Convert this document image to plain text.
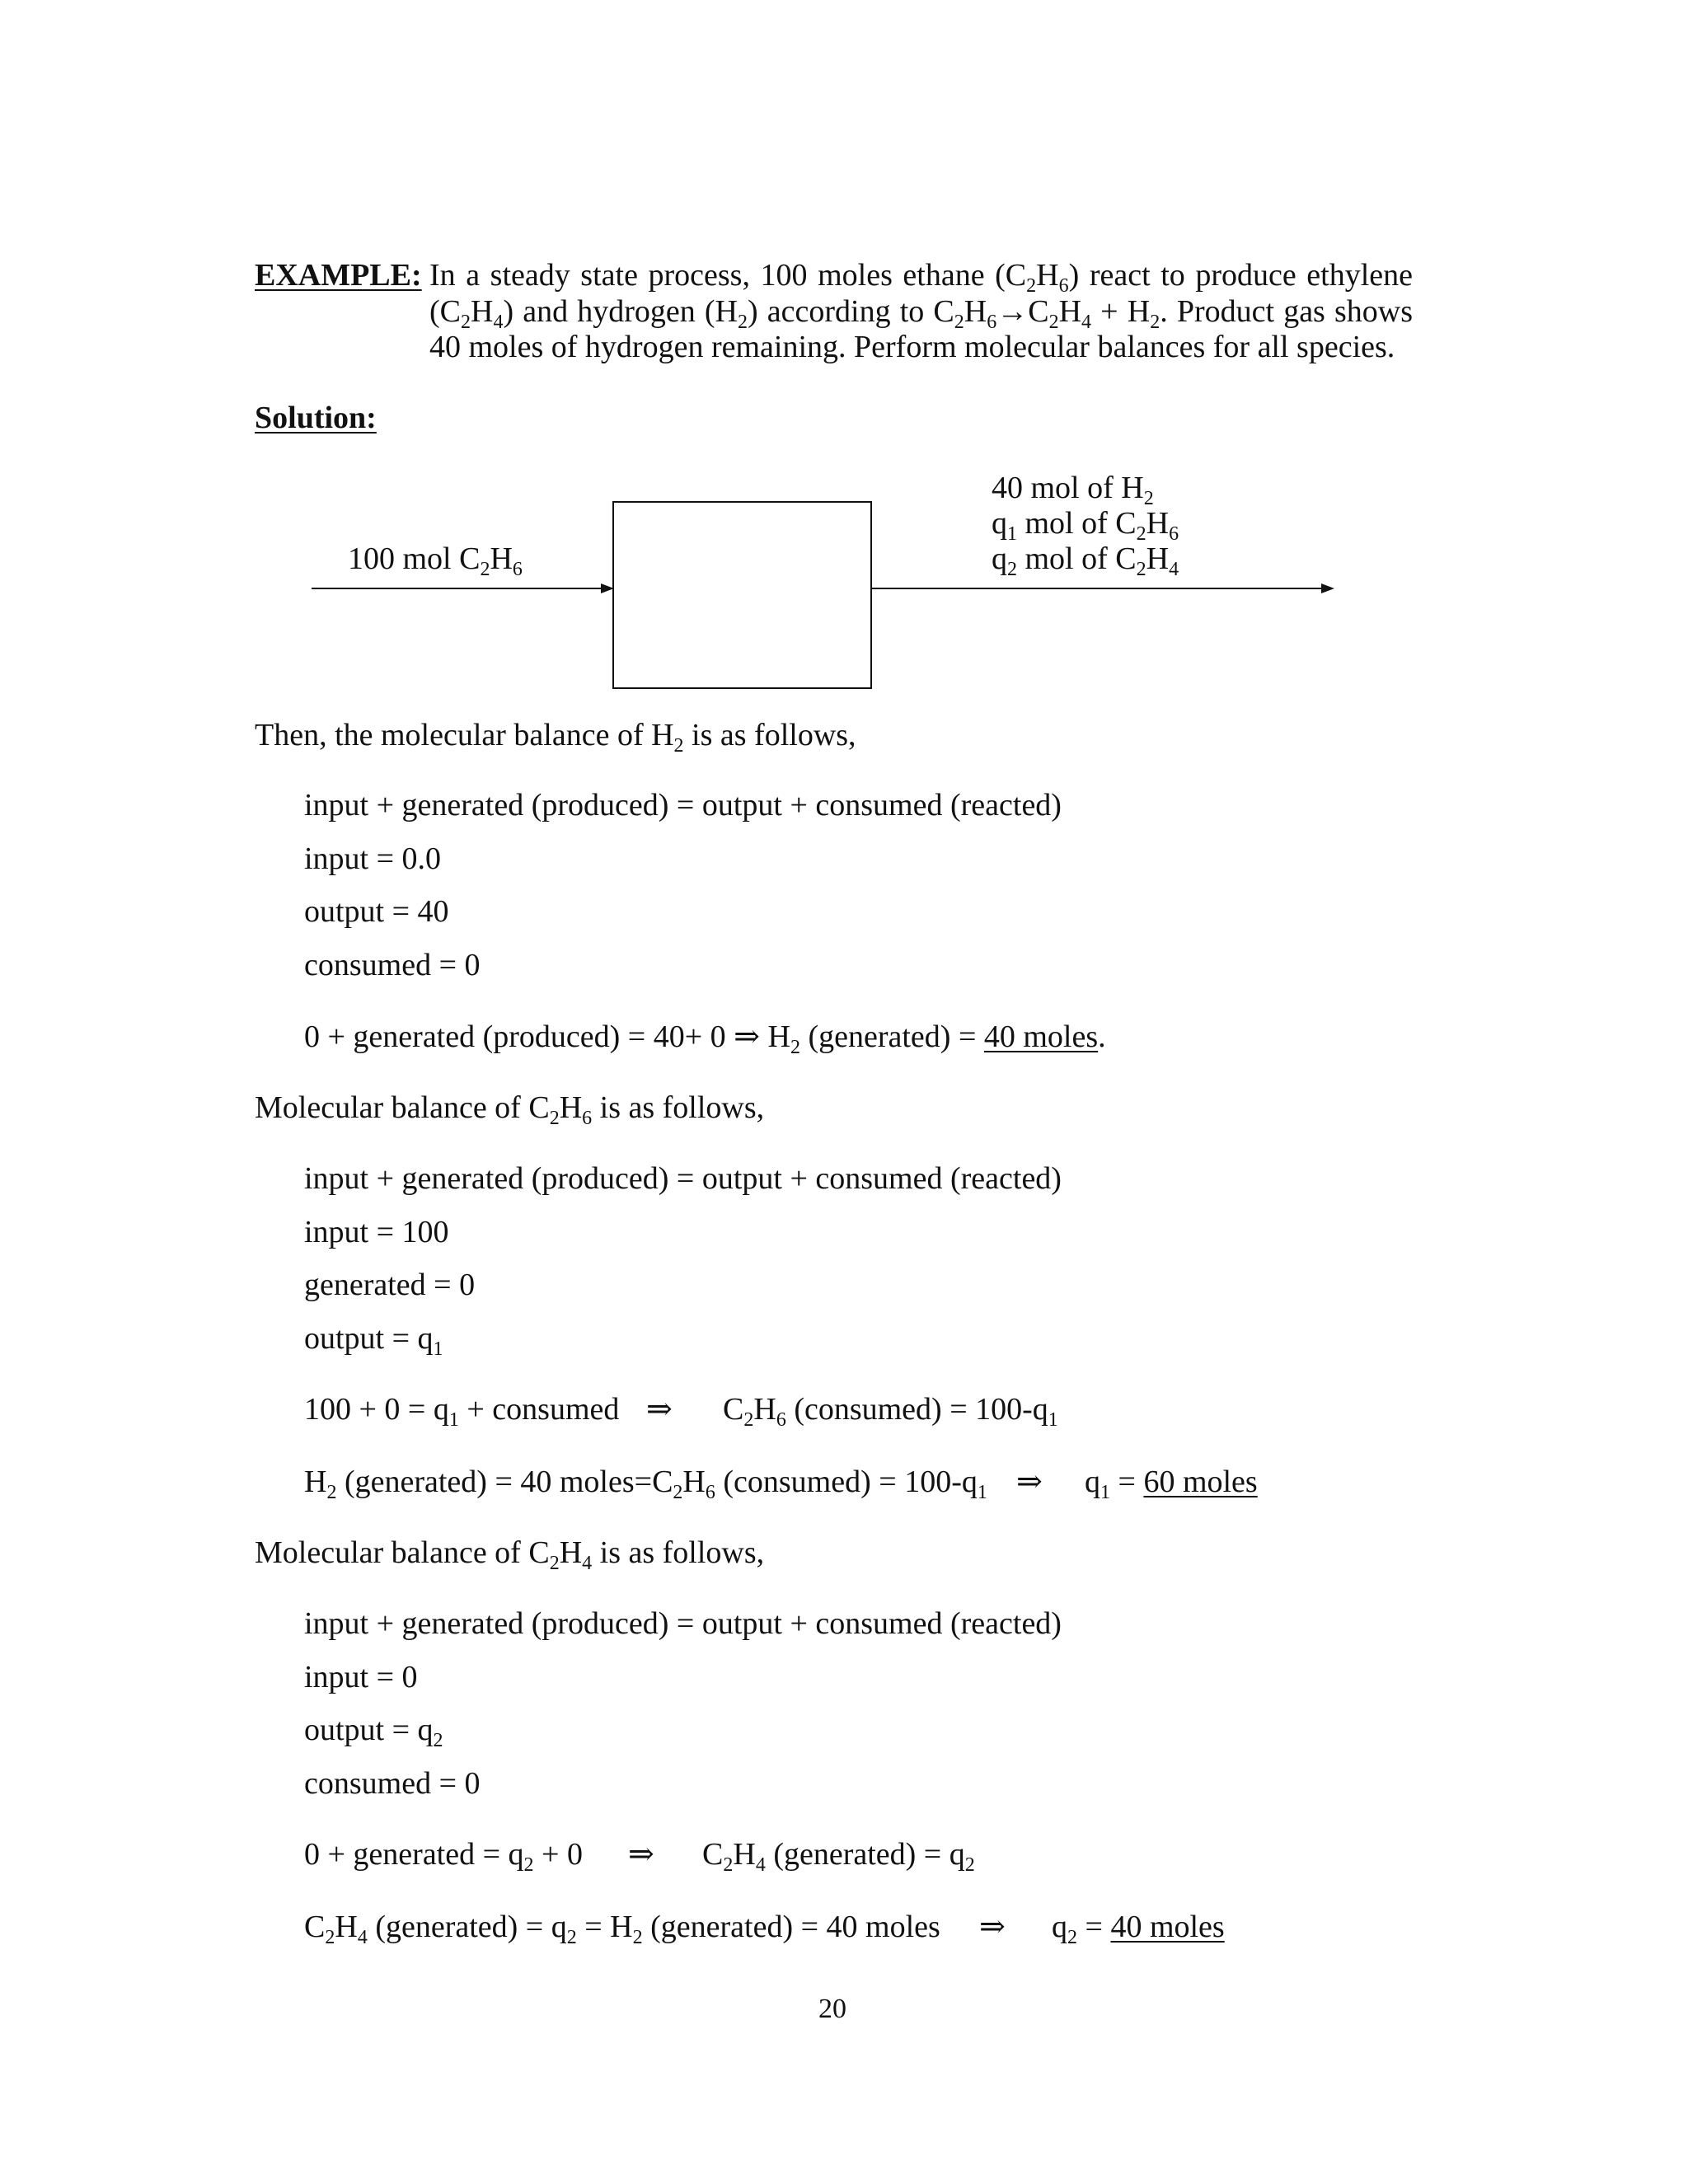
EXAMPLE: In a steady state process, 100 moles ethane $(C_2H_6)$ react to produce ethylene
$(C_2H_4)$ and hydrogen $(H_2)$ according to $C_2H_6\to C_2H_4 + H_2$. Product gas shows
40 moles of hydrogen remaining. Perform molecular balances for all species.
Solution:
100 mol $C_2H_6$
40 mol of $H_2$
$q_1$ mol of $C_2H_6$
$q_2$ mol of $C_2H_4$
Then, the molecular balance of $H_2$ is as follows,
input + generated (produced) = output + consumed (reacted)
input = 0.0
output = 40
consumed = 0
0 + generated (produced) = 40+ 0 ⇒ $H_2$ (generated) = 40 moles.
Molecular balance of $C_2H_6$ is as follows,
input + generated (produced) = output + consumed (reacted)
input = 100
generated = 0
output = $q_1$
$100 + 0 = q_1$ + consumed ⇒ $C_2H_6$ (consumed) = $100-q_1$
$H_2$ (generated) = 40 $moles=C_2H_6$ (consumed) = $100-q_1$ ⇒ $q_1 = 60$ moles
Molecular balance of $C_2H_4$ is as follows,
input + generated (produced) = output + consumed (reacted)
input = 0
output = $q_2$
consumed = 0
0 + generated = $q_2 + 0$ ⇒ $C_2H_4$ (generated) = $q_2$
$C_2H_4$ (generated) = $q_2 = H_2$ (generated) = 40 moles ⇒ $q_2 = 40$ moles
20
